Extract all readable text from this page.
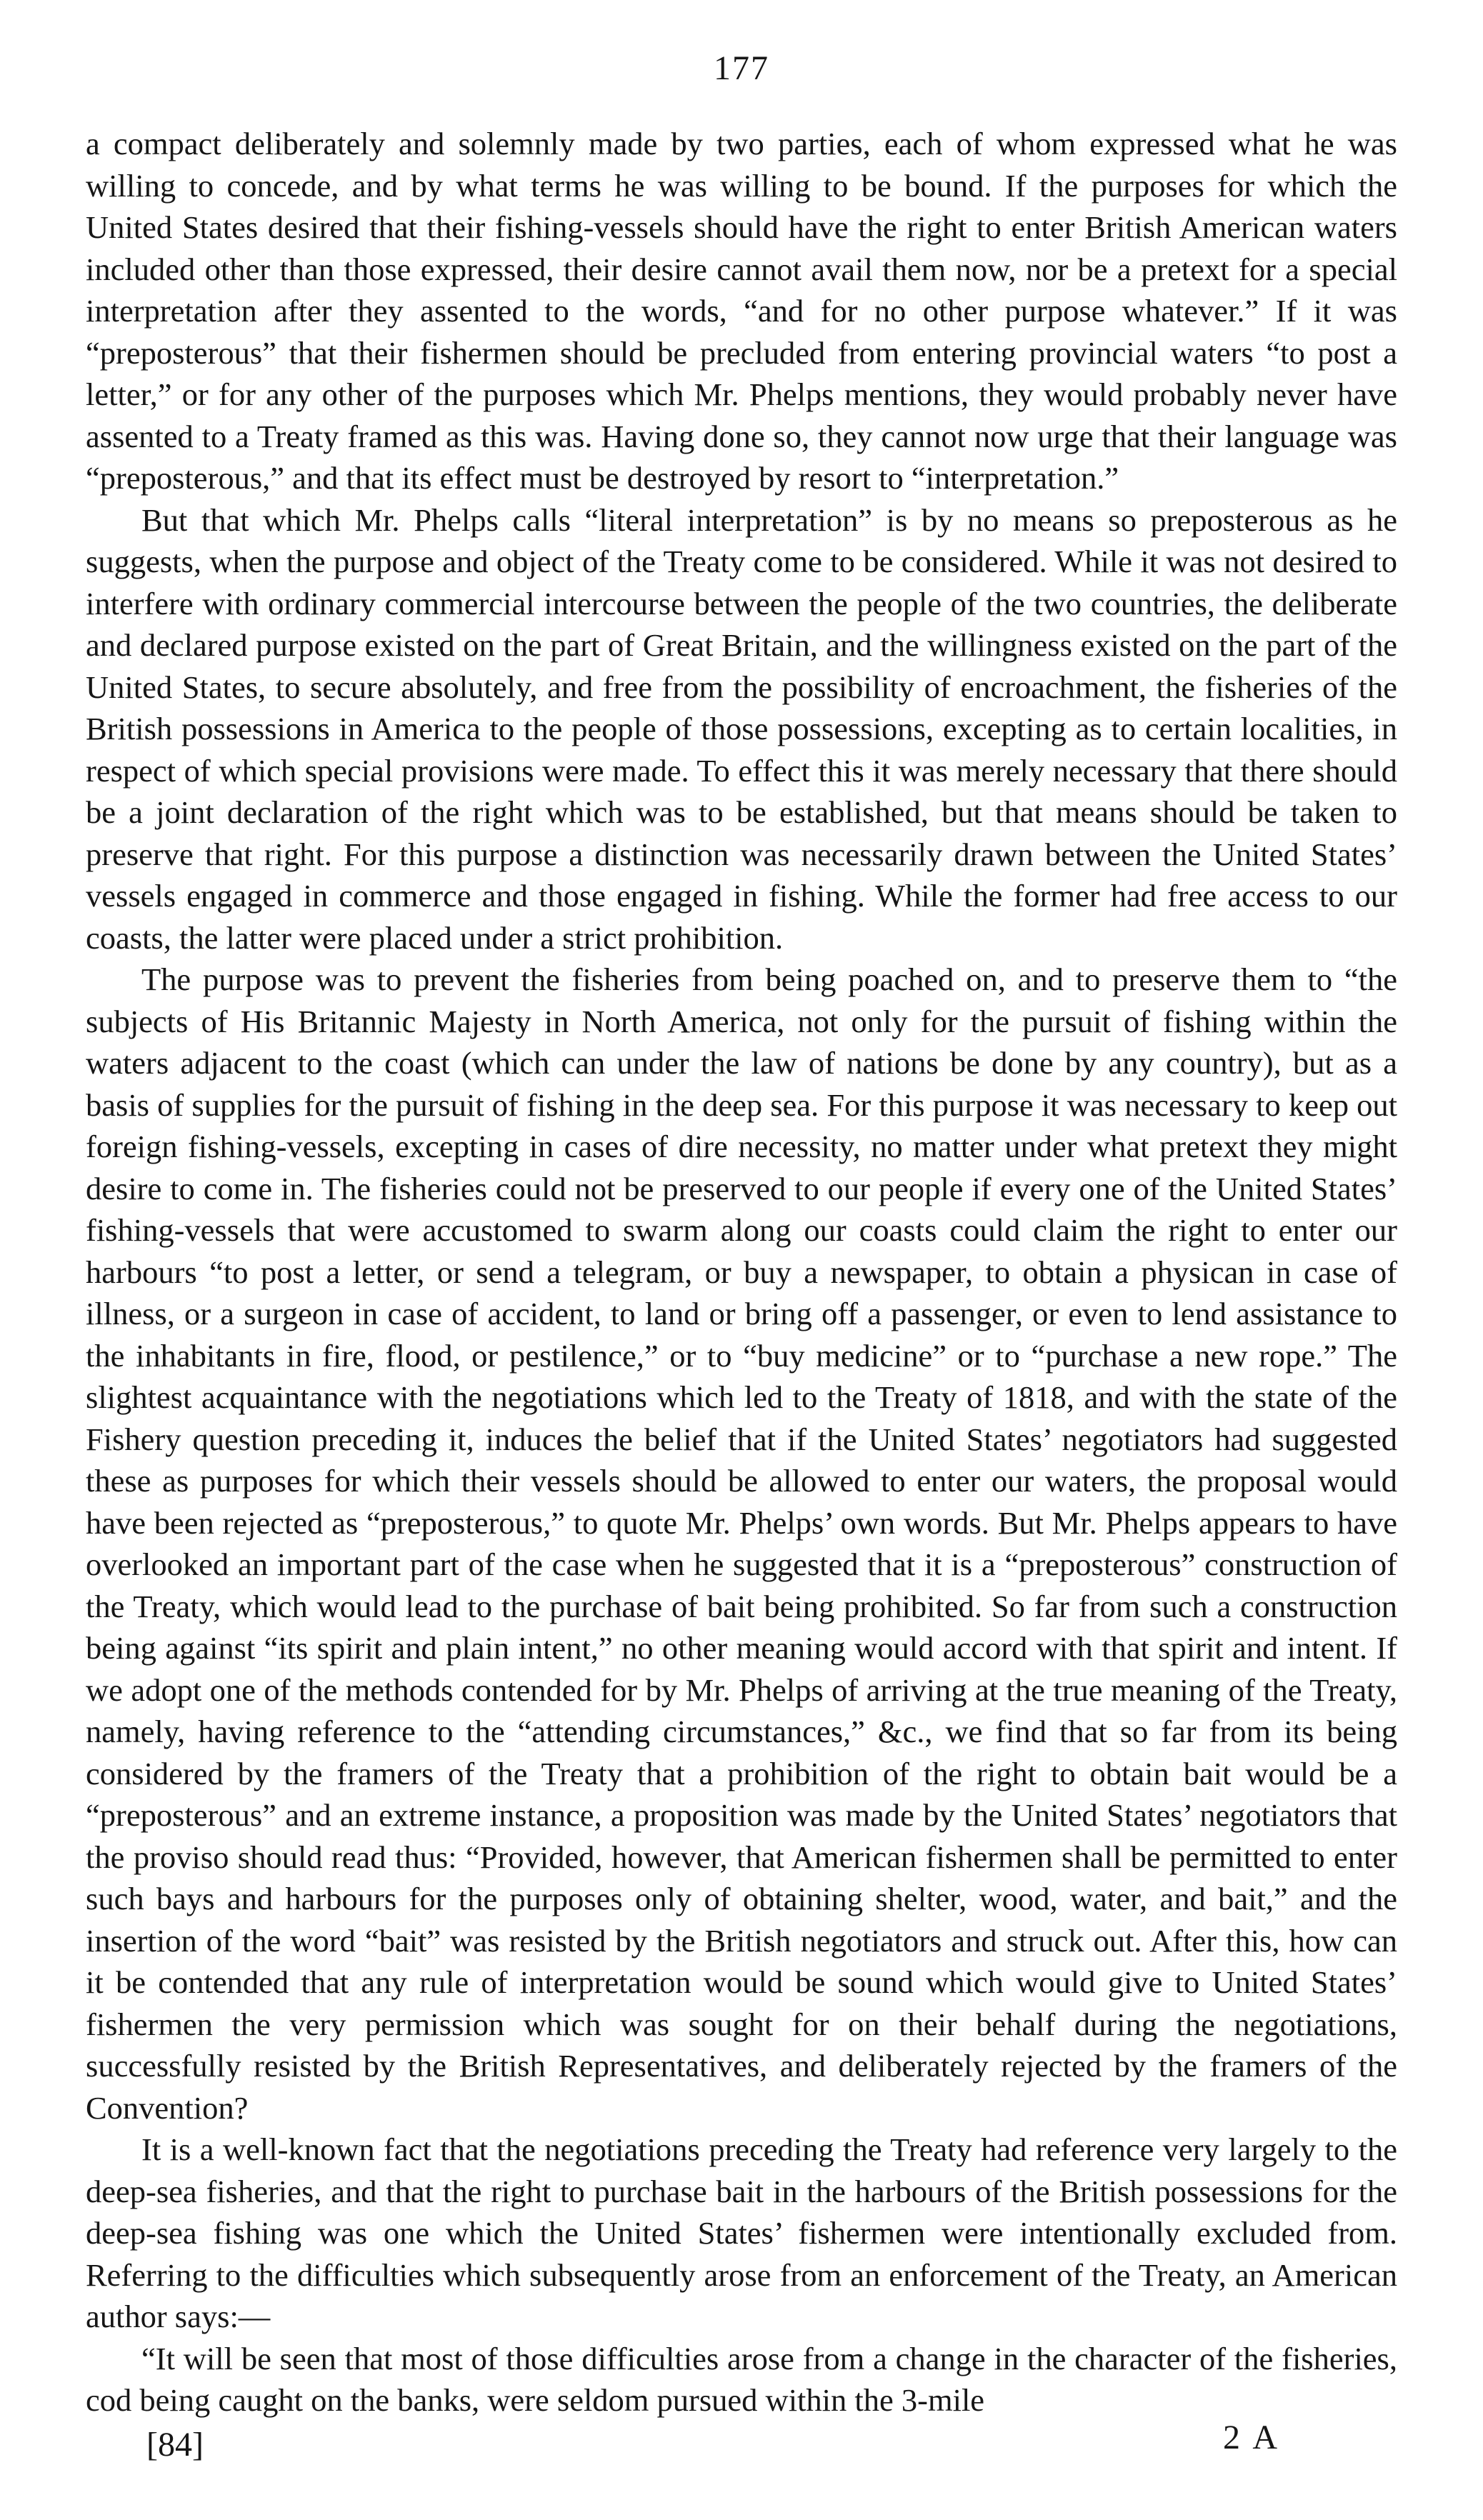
177

a compact deliberately and solemnly made by two parties, each of whom expressed what he was willing to concede, and by what terms he was willing to be bound. If the purposes for which the United States desired that their fishing-vessels should have the right to enter British American waters included other than those expressed, their desire cannot avail them now, nor be a pretext for a special interpretation after they assented to the words, “and for no other purpose whatever.” If it was “preposterous” that their fishermen should be precluded from entering provincial waters “to post a letter,” or for any other of the purposes which Mr. Phelps mentions, they would probably never have assented to a Treaty framed as this was. Having done so, they cannot now urge that their language was “preposterous,” and that its effect must be destroyed by resort to “interpretation.”

But that which Mr. Phelps calls “literal interpretation” is by no means so preposterous as he suggests, when the purpose and object of the Treaty come to be considered. While it was not desired to interfere with ordinary commercial intercourse between the people of the two countries, the deliberate and declared purpose existed on the part of Great Britain, and the willingness existed on the part of the United States, to secure absolutely, and free from the possibility of encroachment, the fisheries of the British possessions in America to the people of those possessions, excepting as to certain localities, in respect of which special provisions were made. To effect this it was merely necessary that there should be a joint declaration of the right which was to be established, but that means should be taken to preserve that right. For this purpose a distinction was necessarily drawn between the United States’ vessels engaged in commerce and those engaged in fishing. While the former had free access to our coasts, the latter were placed under a strict prohibition.

The purpose was to prevent the fisheries from being poached on, and to preserve them to “the subjects of His Britannic Majesty in North America, not only for the pursuit of fishing within the waters adjacent to the coast (which can under the law of nations be done by any country), but as a basis of supplies for the pursuit of fishing in the deep sea. For this purpose it was necessary to keep out foreign fishing-vessels, excepting in cases of dire necessity, no matter under what pretext they might desire to come in. The fisheries could not be preserved to our people if every one of the United States’ fishing-vessels that were accustomed to swarm along our coasts could claim the right to enter our harbours “to post a letter, or send a telegram, or buy a newspaper, to obtain a physican in case of illness, or a surgeon in case of accident, to land or bring off a passenger, or even to lend assistance to the inhabitants in fire, flood, or pestilence,” or to “buy medicine” or to “purchase a new rope.” The slightest acquaintance with the negotiations which led to the Treaty of 1818, and with the state of the Fishery question preceding it, induces the belief that if the United States’ negotiators had suggested these as purposes for which their vessels should be allowed to enter our waters, the proposal would have been rejected as “preposterous,” to quote Mr. Phelps’ own words. But Mr. Phelps appears to have overlooked an important part of the case when he suggested that it is a “preposterous” construction of the Treaty, which would lead to the purchase of bait being prohibited. So far from such a construction being against “its spirit and plain intent,” no other meaning would accord with that spirit and intent. If we adopt one of the methods contended for by Mr. Phelps of arriving at the true meaning of the Treaty, namely, having reference to the “attending circumstances,” &c., we find that so far from its being considered by the framers of the Treaty that a prohibition of the right to obtain bait would be a “preposterous” and an extreme instance, a proposition was made by the United States’ negotiators that the proviso should read thus: “Provided, however, that American fishermen shall be permitted to enter such bays and harbours for the purposes only of obtaining shelter, wood, water, and bait,” and the insertion of the word “bait” was resisted by the British negotiators and struck out. After this, how can it be contended that any rule of interpretation would be sound which would give to United States’ fishermen the very permission which was sought for on their behalf during the negotiations, successfully resisted by the British Representatives, and deliberately rejected by the framers of the Convention?

It is a well-known fact that the negotiations preceding the Treaty had reference very largely to the deep-sea fisheries, and that the right to purchase bait in the harbours of the British possessions for the deep-sea fishing was one which the United States’ fishermen were intentionally excluded from. Referring to the difficulties which subsequently arose from an enforcement of the Treaty, an American author says:—

“It will be seen that most of those difficulties arose from a change in the character of the fisheries, cod being caught on the banks, were seldom pursued within the 3-mile

[84]	2 A
